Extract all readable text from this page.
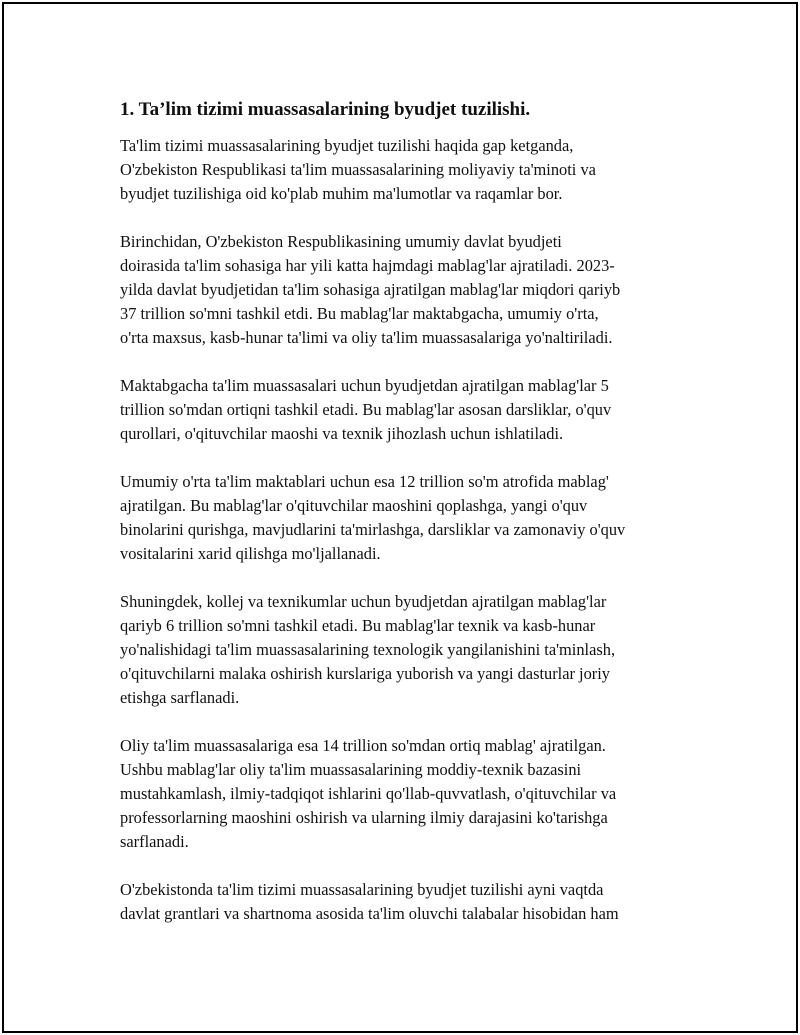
1. Ta’lim tizimi muassasalarining byudjet tuzilishi.
Ta'lim tizimi muassasalarining byudjet tuzilishi haqida gap ketganda,
O'zbekiston Respublikasi ta'lim muassasalarining moliyaviy ta'minoti va
byudjet tuzilishiga oid ko'plab muhim ma'lumotlar va raqamlar bor.
Birinchidan, O'zbekiston Respublikasining umumiy davlat byudjeti
doirasida ta'lim sohasiga har yili katta hajmdagi mablag'lar ajratiladi. 2023-
yilda davlat byudjetidan ta'lim sohasiga ajratilgan mablag'lar miqdori qariyb
37 trillion so'mni tashkil etdi. Bu mablag'lar maktabgacha, umumiy o'rta,
o'rta maxsus, kasb-hunar ta'limi va oliy ta'lim muassasalariga yo'naltiriladi.
Maktabgacha ta'lim muassasalari uchun byudjetdan ajratilgan mablag'lar 5
trillion so'mdan ortiqni tashkil etadi. Bu mablag'lar asosan darsliklar, o'quv
qurollari, o'qituvchilar maoshi va texnik jihozlash uchun ishlatiladi.
Umumiy o'rta ta'lim maktablari uchun esa 12 trillion so'm atrofida mablag'
ajratilgan. Bu mablag'lar o'qituvchilar maoshini qoplashga, yangi o'quv
binolarini qurishga, mavjudlarini ta'mirlashga, darsliklar va zamonaviy o'quv
vositalarini xarid qilishga mo'ljallanadi.
Shuningdek, kollej va texnikumlar uchun byudjetdan ajratilgan mablag'lar
qariyb 6 trillion so'mni tashkil etadi. Bu mablag'lar texnik va kasb-hunar
yo'nalishidagi ta'lim muassasalarining texnologik yangilanishini ta'minlash,
o'qituvchilarni malaka oshirish kurslariga yuborish va yangi dasturlar joriy
etishga sarflanadi.
Oliy ta'lim muassasalariga esa 14 trillion so'mdan ortiq mablag' ajratilgan.
Ushbu mablag'lar oliy ta'lim muassasalarining moddiy-texnik bazasini
mustahkamlash, ilmiy-tadqiqot ishlarini qo'llab-quvvatlash, o'qituvchilar va
professorlarning maoshini oshirish va ularning ilmiy darajasini ko'tarishga
sarflanadi.
O'zbekistonda ta'lim tizimi muassasalarining byudjet tuzilishi ayni vaqtda
davlat grantlari va shartnoma asosida ta'lim oluvchi talabalar hisobidan ham
